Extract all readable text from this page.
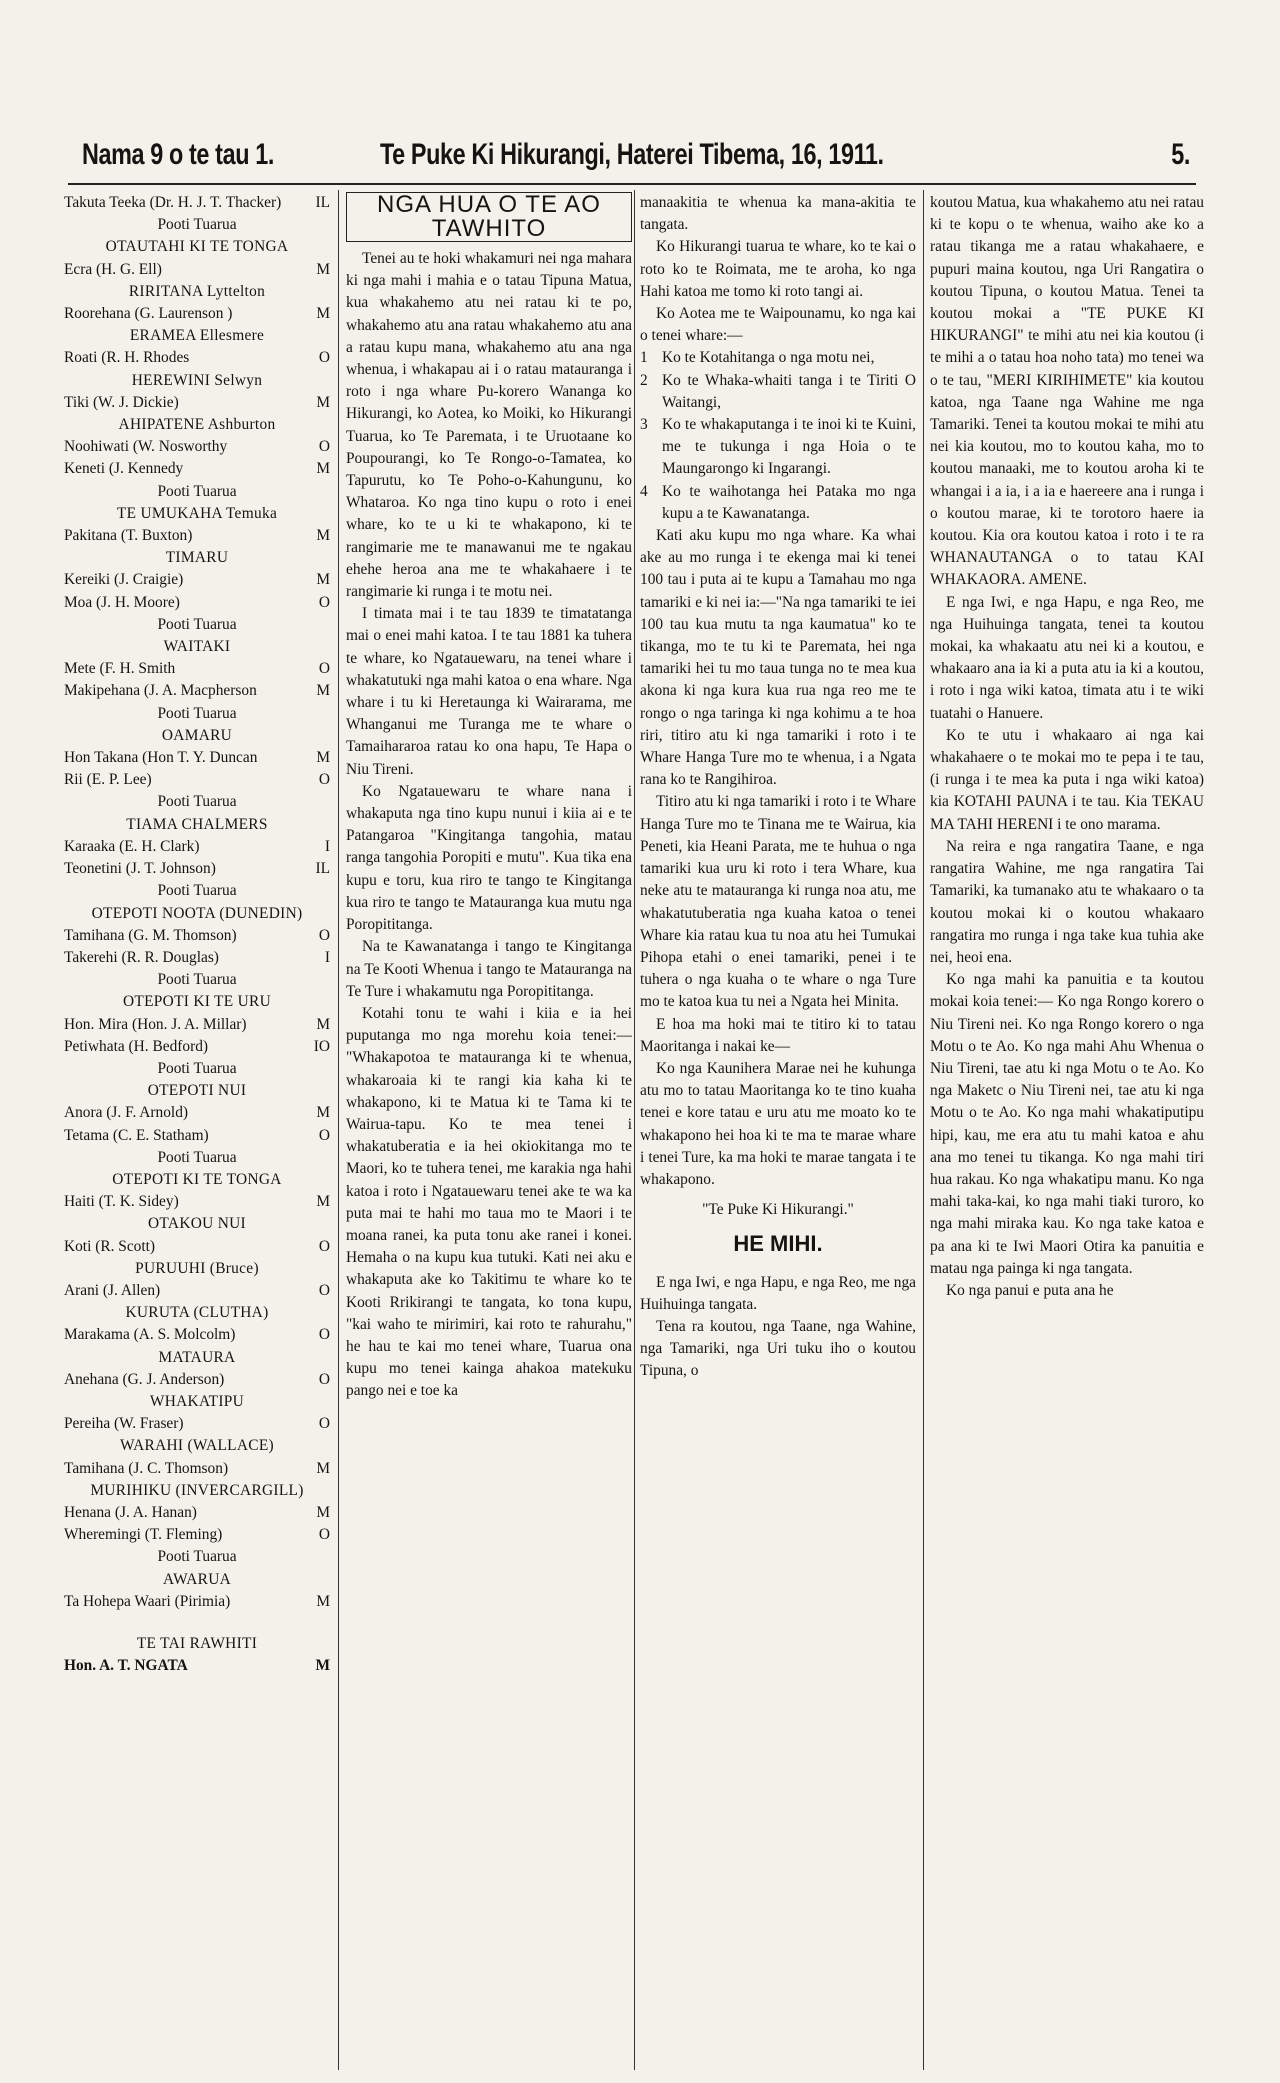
Nama 9 o te tau 1.	Te Puke Ki Hikurangi, Haterei Tibema, 16, 1911.	5.
Takuta Teeka (Dr. H. J. T. Thacker)	IL
Pooti Tuarua
OTAUTAHI KI TE TONGA
Ecra (H. G. Ell)	M
RIRITANA Lyttelton
Roorehana (G. Laurenson )	M
ERAMEA Ellesmere
Roati (R. H. Rhodes	O
HEREWINI Selwyn
Tiki (W. J. Dickie)	M
AHIPATENE Ashburton
Noohiwati (W. Nosworthy	O
Keneti (J. Kennedy	M
Pooti Tuarua
TE UMUKAHA Temuka
Pakitana (T. Buxton)	M
TIMARU
Kereiki (J. Craigie)	M
Moa (J. H. Moore)	O
Pooti Tuarua
WAITAKI
Mete (F. H. Smith	O
Makipehana (J. A. Macpherson	M
Pooti Tuarua
OAMARU
Hon Takana (Hon T. Y. Duncan	M
Rii (E. P. Lee)	O
Pooti Tuarua
TIAMA CHALMERS
Karaaka (E. H. Clark)	I
Teonetini (J. T. Johnson)	IL
Pooti Tuarua
OTEPOTI NOOTA (DUNEDIN)
Tamihana (G. M. Thomson)	O
Takerehi (R. R. Douglas)	I
Pooti Tuarua
OTEPOTI KI TE URU
Hon. Mira (Hon. J. A. Millar)	M
Petiwhata (H. Bedford)	IO
Pooti Tuarua
OTEPOTI NUI
Anora (J. F. Arnold)	M
Tetama (C. E. Statham)	O
Pooti Tuarua
OTEPOTI KI TE TONGA
Haiti (T. K. Sidey)	M
OTAKOU NUI
Koti (R. Scott)	O
PURUUHI (Bruce)
Arani (J. Allen)	O
KURUTA (CLUTHA)
Marakama (A. S. Molcolm)	O
MATAURA
Anehana (G. J. Anderson)	O
WHAKATIPU
Pereiha (W. Fraser)	O
WARAHI (WALLACE)
Tamihana (J. C. Thomson)	M
MURIHIKU (INVERCARGILL)
Henana (J. A. Hanan)	M
Wheremingi (T. Fleming)	O
Pooti Tuarua
AWARUA
Ta Hohepa Waari (Pirimia)	M
TE TAI RAWHITI
Hon. A. T. NGATA	M
NGA HUA O TE AO TAWHITO

Tenei au te hoki whakamuri nei nga mahara ki nga mahi i mahia e o tatau Tipuna Matua, kua whakahemo atu nei ratau ki te po, whakahemo atu ana ratau whakahemo atu ana a ratau kupu mana, whakahemo atu ana nga whenua, i whakapau ai i o ratau matauranga i roto i nga whare Pu-korero Wananga ko Hikurangi, ko Aotea, ko Moiki, ko Hikurangi Tuarua, ko Te Paremata, i te Uruotaane ko Poupourangi, ko Te Rongo-o-Tamatea, ko Tapurutu, ko Te Poho-o-Kahungunu, ko Whataroa. Ko nga tino kupu o roto i enei whare, ko te u ki te whakapono, ki te rangimarie me te manawanui me te ngakau ehehe heroa ana me te whakahaere i te rangimarie ki runga i te motu nei.

I timata mai i te tau 1839 te timatatanga mai o enei mahi katoa. I te tau 1881 ka tuhera te whare, ko Ngatauewaru, na tenei whare i whakatutuki nga mahi katoa o ena whare. Nga whare i tu ki Heretaunga ki Wairarama, me Whanganui me Turanga me te whare o Tamaihararoa ratau ko ona hapu, Te Hapa o Niu Tireni.

Ko Ngatauewaru te whare nana i whakaputa nga tino kupu nunui i kiia ai e te Patangaroa "Kingitanga tangohia, matau ranga tangohia Poropiti e mutu". Kua tika ena kupu e toru, kua riro te tango te Kingitanga kua riro te tango te Matauranga kua mutu nga Poropititanga.

Na te Kawanatanga i tango te Kingitanga na Te Kooti Whenua i tango te Matauranga na Te Ture i whakamutu nga Poropititanga.

Kotahi tonu te wahi i kiia e ia hei puputanga mo nga morehu koia tenei:— "Whakapotoa te matauranga ki te whenua, whakaroaia ki te rangi kia kaha ki te whakapono, ki te Matua ki te Tama ki te Wairua-tapu. Ko te mea tenei i whakatuberatia e ia hei okiokitanga mo te Maori, ko te tuhera tenei, me karakia nga hahi katoa i roto i Ngatauewaru tenei ake te wa ka puta mai te hahi mo taua mo te Maori i te moana ranei, ka puta tonu ake ranei i konei. Hemaha o na kupu kua tutuki. Kati nei aku e whakaputa ake ko Takitimu te whare ko te Kooti Rrikirangi te tangata, ko tona kupu, "kai waho te mirimiri, kai roto te rahurahu," he hau te kai mo tenei whare, Tuarua ona kupu mo tenei kainga ahakoa matekuku pango nei e toe ka

manaakitia te whenua ka mana-akitia te tangata.

Ko Hikurangi tuarua te whare, ko te kai o roto ko te Roimata, me te aroha, ko nga Hahi katoa me tomo ki roto tangi ai.

Ko Aotea me te Waipounamu, ko nga kai o tenei whare:—

1 Ko te Kotahitanga o nga motu nei,
2 Ko te Whaka-whaiti tanga i te Tiriti O Waitangi,
3 Ko te whakaputanga i te inoi ki te Kuini, me te tukunga i nga Hoia o te Maungarongo ki Ingarangi.
4 Ko te waihotanga hei Pataka mo nga kupu a te Kawanatanga.

Kati aku kupu mo nga whare. Ka whai ake au mo runga i te ekenga mai ki tenei 100 tau i puta ai te kupu a Tamahau mo nga tamariki e ki nei ia:—"Na nga tamariki te iei 100 tau kua mutu ta nga kaumatua" ko te tikanga, mo te tu ki te Paremata, hei nga tamariki hei tu mo taua tunga no te mea kua akona ki nga kura kua rua nga reo me te rongo o nga taringa ki nga kohimu a te hoa riri, titiro atu ki nga tamariki i roto i te Whare Hanga Ture mo te whenua, i a Ngata rana ko te Rangihiroa.

Titiro atu ki nga tamariki i roto i te Whare Hanga Ture mo te Tinana me te Wairua, kia Peneti, kia Heani Parata, me te huhua o nga tamariki kua uru ki roto i tera Whare, kua neke atu te matauranga ki runga noa atu, me whakatutuberatia nga kuaha katoa o tenei Whare kia ratau kua tu noa atu hei Tumukai Pihopa etahi o enei tamariki, penei i te tuhera o nga kuaha o te whare o nga Ture mo te katoa kua tu nei a Ngata hei Minita.

E hoa ma hoki mai te titiro ki to tatau Maoritanga i nakai ke—

Ko nga Kaunihera Marae nei he kuhunga atu mo to tatau Maoritanga ko te tino kuaha tenei e kore tatau e uru atu me moato ko te whakapono hei hoa ki te ma te marae whare i tenei Ture, ka ma hoki te marae tangata i te whakapono.

"Te Puke Ki Hikurangi."

HE MIHI.

E nga Iwi, e nga Hapu, e nga Reo, me nga Huihuinga tangata.

Tena ra koutou, nga Taane, nga Wahine, nga Tamariki, nga Uri tuku iho o koutou Tipuna, o

koutou Matua, kua whakahemo atu nei ratau ki te kopu o te whenua, waiho ake ko a ratau tikanga me a ratau whakahaere, e pupuri maina koutou, nga Uri Rangatira o koutou Tipuna, o koutou Matua. Tenei ta koutou mokai a "TE PUKE KI HIKURANGI" te mihi atu nei kia koutou (i te mihi a o tatau hoa noho tata) mo tenei wa o te tau, "MERI KIRIHIMETE" kia koutou katoa, nga Taane nga Wahine me nga Tamariki. Tenei ta koutou mokai te mihi atu nei kia koutou, mo to koutou kaha, mo to koutou manaaki, me to koutou aroha ki te whangai i a ia, i a ia e haereere ana i runga i o koutou marae, ki te torotoro haere ia koutou. Kia ora koutou katoa i roto i te ra WHANAUTANGA o to tatau KAI WHAKAORA. AMENE.

E nga Iwi, e nga Hapu, e nga Reo, me nga Huihuinga tangata, tenei ta koutou mokai, ka whakaatu atu nei ki a koutou, e whakaaro ana ia ki a puta atu ia ki a koutou, i roto i nga wiki katoa, timata atu i te wiki tuatahi o Hanuere.

Ko te utu i whakaaro ai nga kai whakahaere o te mokai mo te pepa i te tau, (i runga i te mea ka puta i nga wiki katoa) kia KOTAHI PAUNA i te tau. Kia TEKAU MA TAHI HERENI i te ono marama.

Na reira e nga rangatira Taane, e nga rangatira Wahine, me nga rangatira Tai Tamariki, ka tumanako atu te whakaaro o ta koutou mokai ki o koutou whakaaro rangatira mo runga i nga take kua tuhia ake nei, heoi ena.

Ko nga mahi ka panuitia e ta koutou mokai koia tenei:— Ko nga Rongo korero o Niu Tireni nei. Ko nga Rongo korero o nga Motu o te Ao. Ko nga mahi Ahu Whenua o Niu Tireni, tae atu ki nga Motu o te Ao. Ko nga Maketc o Niu Tireni nei, tae atu ki nga Motu o te Ao. Ko nga mahi whakatiputipu hipi, kau, me era atu tu mahi katoa e ahu ana mo tenei tu tikanga. Ko nga mahi tiri hua rakau. Ko nga whakatipu manu. Ko nga mahi taka-kai, ko nga mahi tiaki turoro, ko nga mahi miraka kau. Ko nga take katoa e pa ana ki te Iwi Maori Otira ka panuitia e matau nga painga ki nga tangata.

Ko nga panui e puta ana he
